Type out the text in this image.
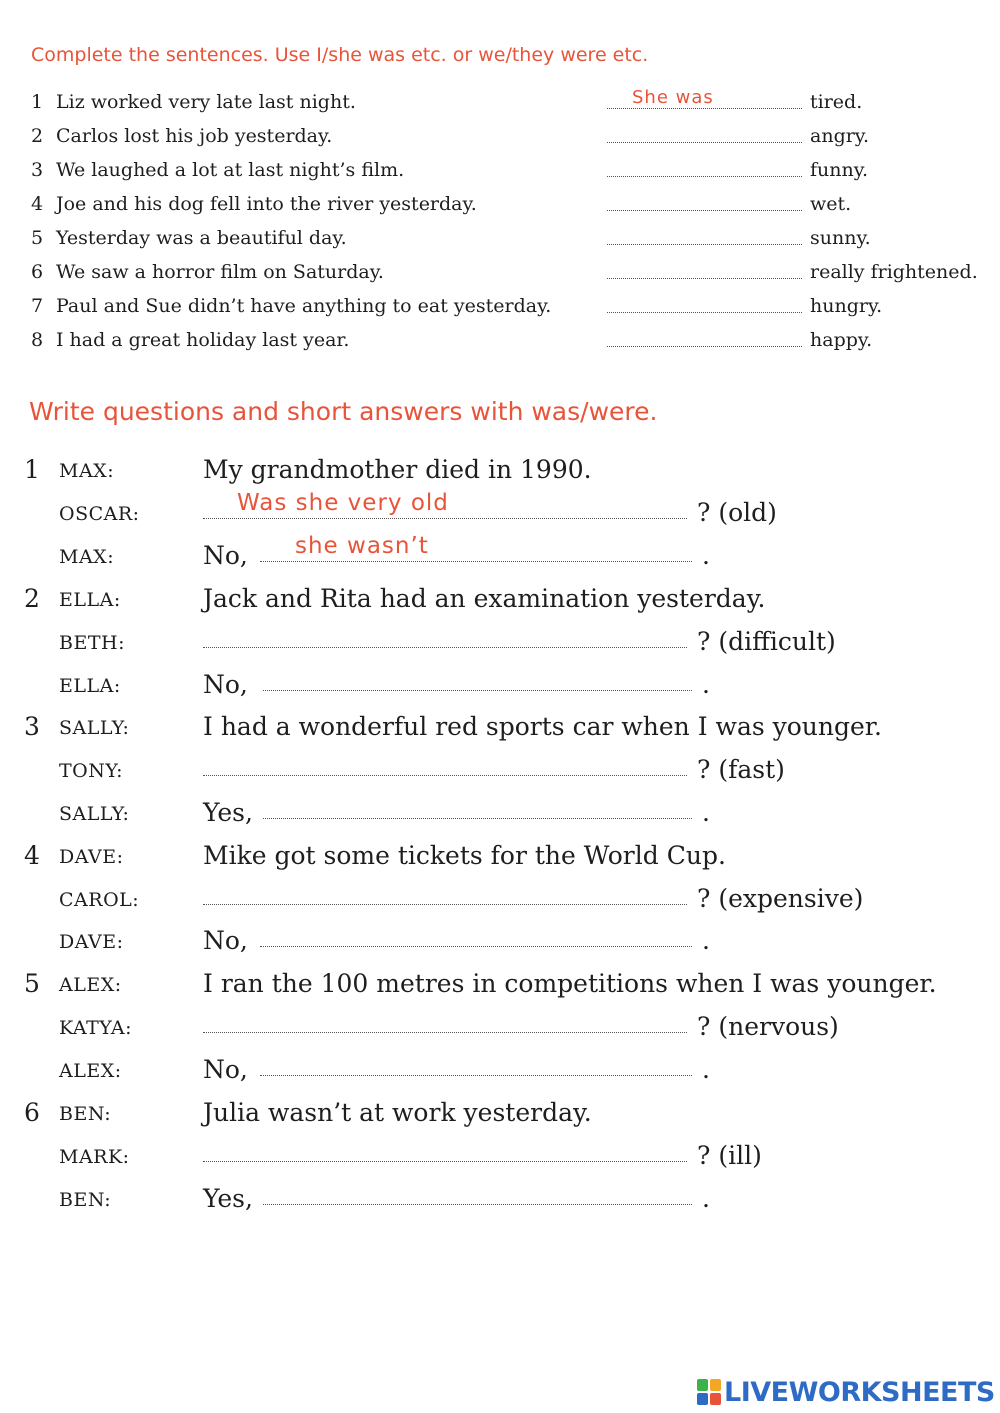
Complete the sentences. Use I/she was etc. or we/they were etc.
1 Liz worked very late last night.	She was	tired.
2 Carlos lost his job yesterday.	angry.
3 We laughed a lot at last night’s film.	funny.
4 Joe and his dog fell into the river yesterday.	wet.
5 Yesterday was a beautiful day.	sunny.
6 We saw a horror film on Saturday.	really frightened.
7 Paul and Sue didn’t have anything to eat yesterday.	hungry.
8 I had a great holiday last year.	happy.
Write questions and short answers with was/were.
1 MAX:	My grandmother died in 1990.
OSCAR:	Was she very old	? (old)
MAX:	No, she wasn’t	.
2 ELLA:	Jack and Rita had an examination yesterday.
BETH:	? (difficult)
ELLA:	No,	.
3 SALLY:	I had a wonderful red sports car when I was younger.
TONY:	? (fast)
SALLY:	Yes,	.
4 DAVE:	Mike got some tickets for the World Cup.
CAROL:	? (expensive)
DAVE:	No,	.
5 ALEX:	I ran the 100 metres in competitions when I was younger.
KATYA:	? (nervous)
ALEX:	No,	.
6 BEN:	Julia wasn’t at work yesterday.
MARK:	? (ill)
BEN:	Yes,	.
LIVEWORKSHEETS
